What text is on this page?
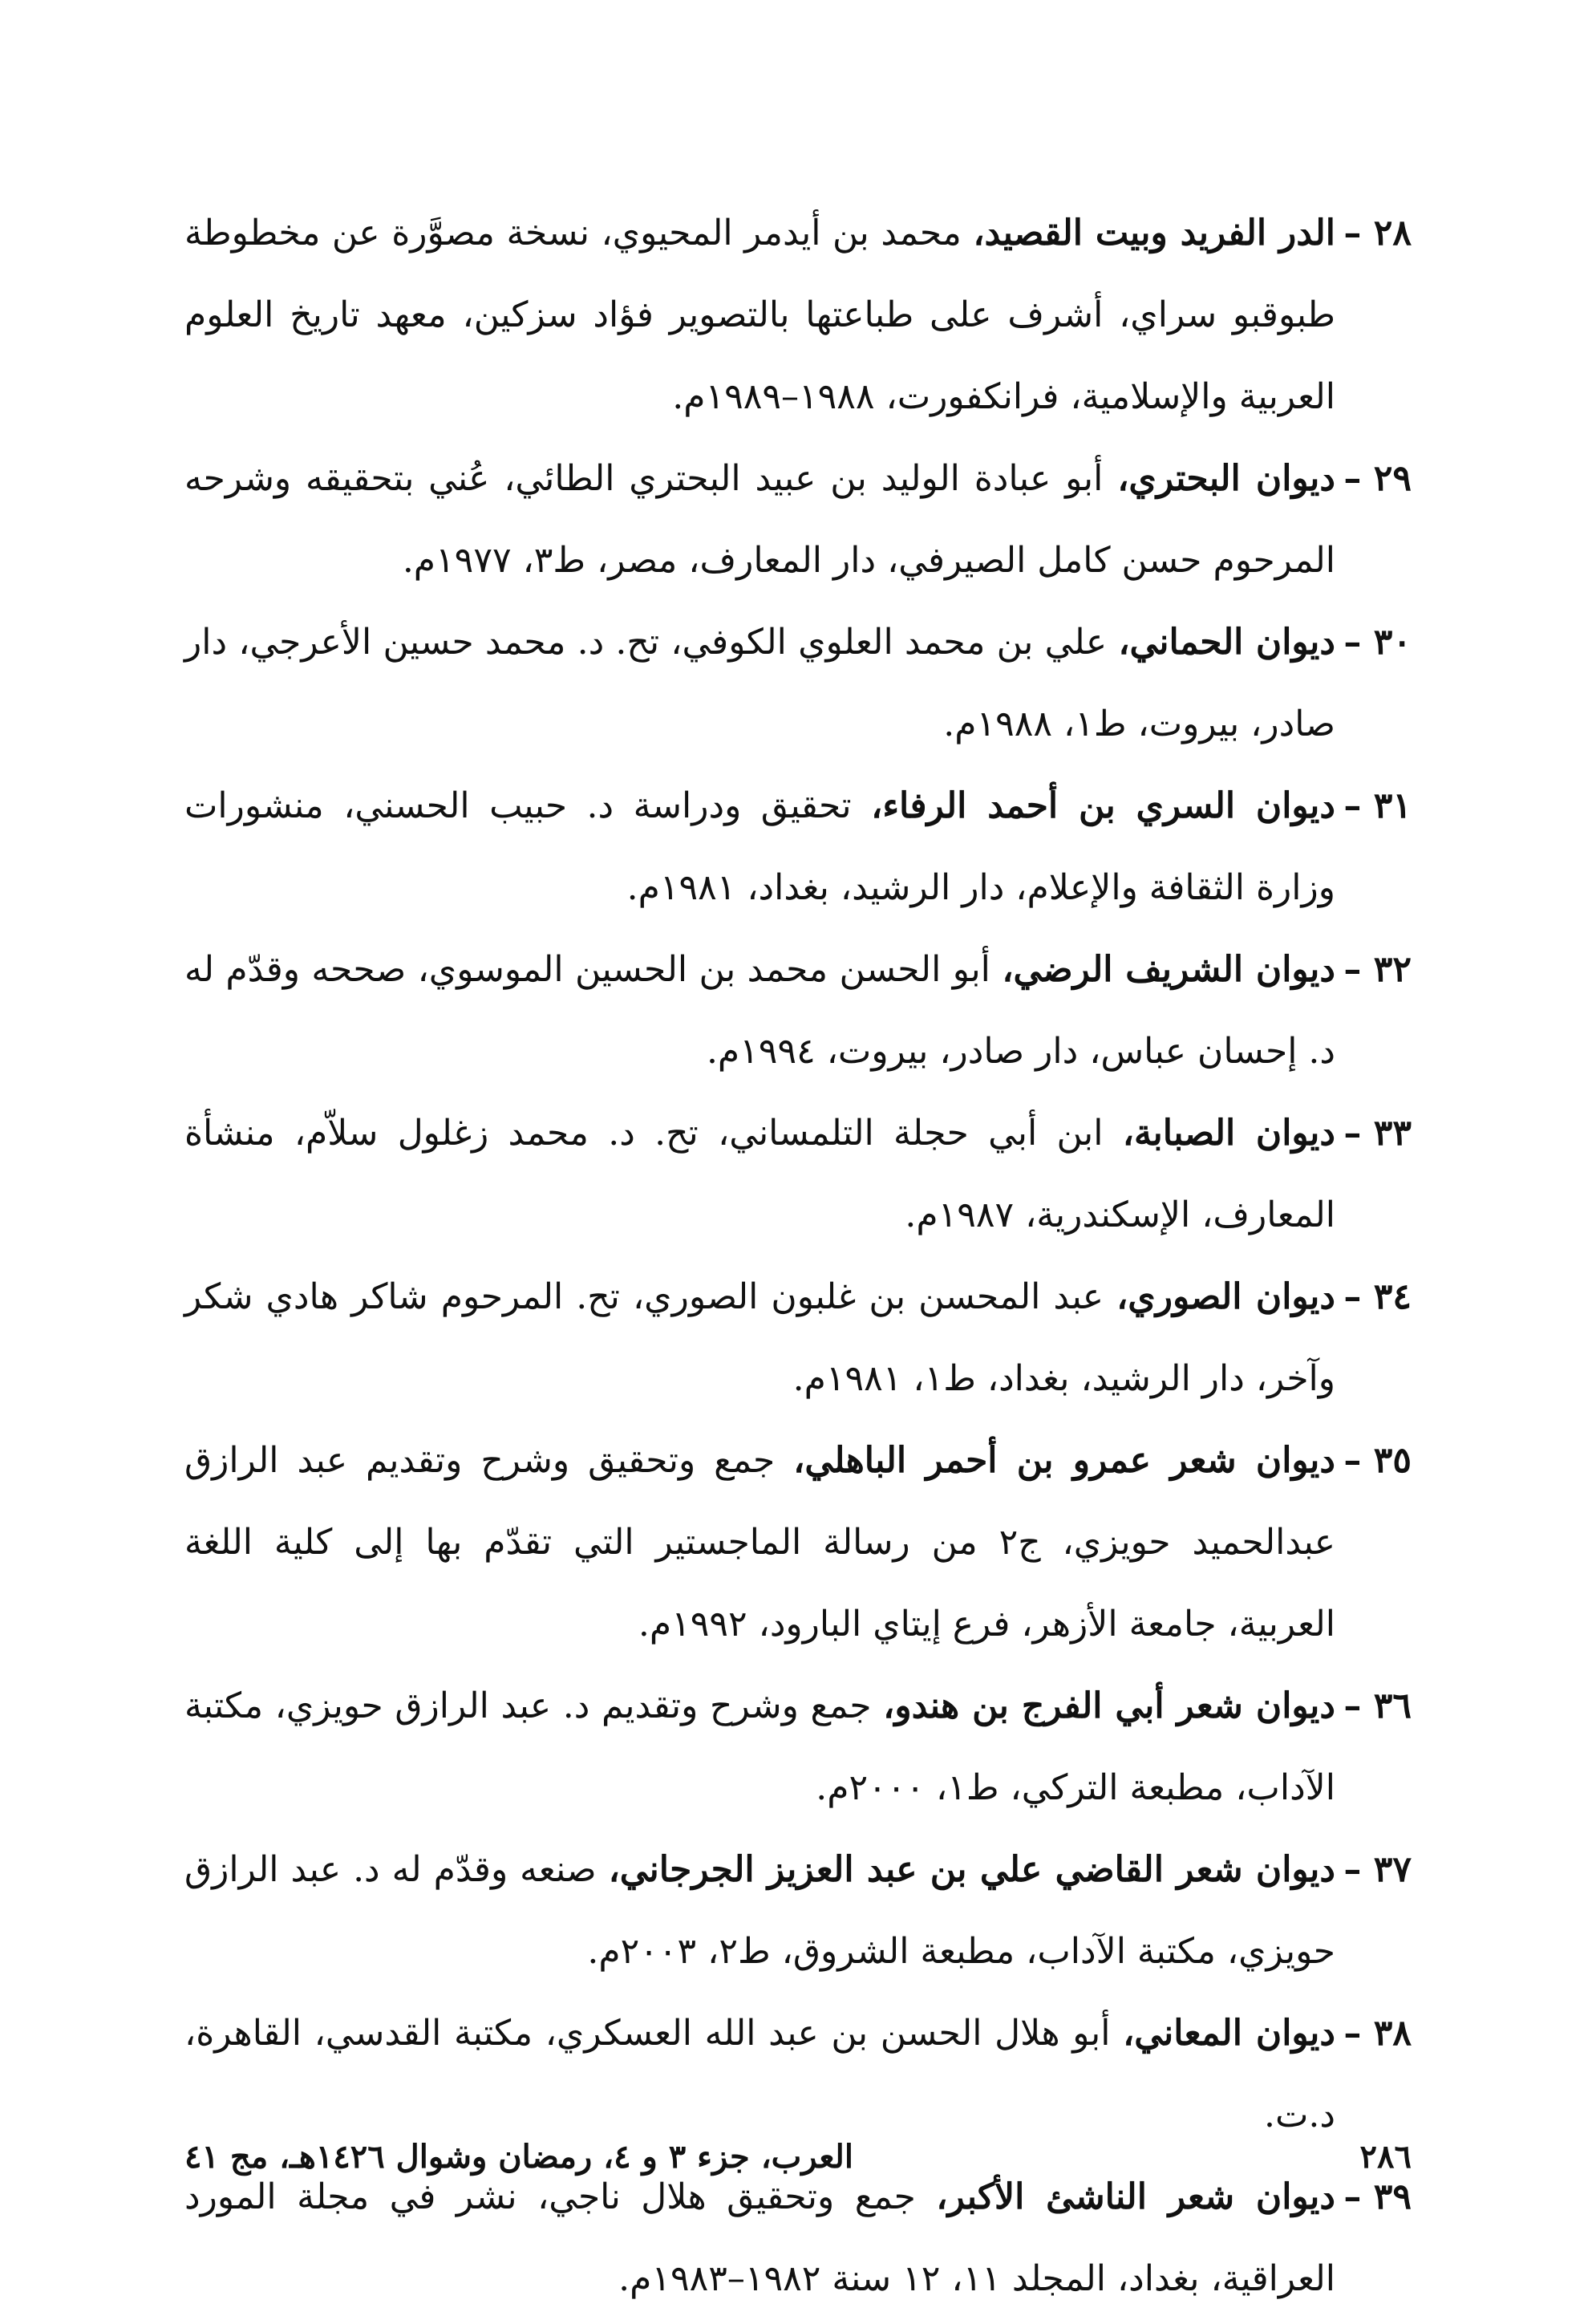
٢٨ –
الدر الفريد وبيت القصيد، محمد بن أيدمر المحيوي، نسخة مصوَّرة عن مخطوطة طبوقبو سراي، أشرف على طباعتها بالتصوير فؤاد سزكين، معهد تاريخ العلوم العربية والإسلامية، فرانكفورت، ١٩٨٨–١٩٨٩م.

٢٩ –
ديوان البحتري، أبو عبادة الوليد بن عبيد البحتري الطائي، عُني بتحقيقه وشرحه المرحوم حسن كامل الصيرفي، دار المعارف، مصر، ط٣، ١٩٧٧م.

٣٠ –
ديوان الحماني، علي بن محمد العلوي الكوفي، تح. د. محمد حسين الأعرجي، دار صادر، بيروت، ط١، ١٩٨٨م.

٣١ –
ديوان السري بن أحمد الرفاء، تحقيق ودراسة د. حبيب الحسني، منشورات وزارة الثقافة والإعلام، دار الرشيد، بغداد، ١٩٨١م.

٣٢ –
ديوان الشريف الرضي، أبو الحسن محمد بن الحسين الموسوي، صححه وقدّم له د. إحسان عباس، دار صادر، بيروت، ١٩٩٤م.

٣٣ –
ديوان الصبابة، ابن أبي حجلة التلمساني، تح. د. محمد زغلول سلاّم، منشأة المعارف، الإسكندرية، ١٩٨٧م.

٣٤ –
ديوان الصوري، عبد المحسن بن غلبون الصوري، تح. المرحوم شاكر هادي شكر وآخر، دار الرشيد، بغداد، ط١، ١٩٨١م.

٣٥ –
ديوان شعر عمرو بن أحمر الباهلي، جمع وتحقيق وشرح وتقديم عبد الرازق عبدالحميد حويزي، ج٢ من رسالة الماجستير التي تقدّم بها إلى كلية اللغة العربية، جامعة الأزهر، فرع إيتاي البارود، ١٩٩٢م.

٣٦ –
ديوان شعر أبي الفرج بن هندو، جمع وشرح وتقديم د. عبد الرازق حويزي، مكتبة الآداب، مطبعة التركي، ط١، ٢٠٠٠م.

٣٧ –
ديوان شعر القاضي علي بن عبد العزيز الجرجاني، صنعه وقدّم له د. عبد الرازق حويزي، مكتبة الآداب، مطبعة الشروق، ط٢، ٢٠٠٣م.

٣٨ –
ديوان المعاني، أبو هلال الحسن بن عبد الله العسكري، مكتبة القدسي، القاهرة، د.ت.

٣٩ –
ديوان شعر الناشئ الأكبر، جمع وتحقيق هلال ناجي، نشر في مجلة المورد العراقية، بغداد، المجلد ١١، ١٢ سنة ١٩٨٢–١٩٨٣م.

٢٨٦
العرب، جزء ٣ و ٤، رمضان وشوال ١٤٢٦هـ، مج ٤١
